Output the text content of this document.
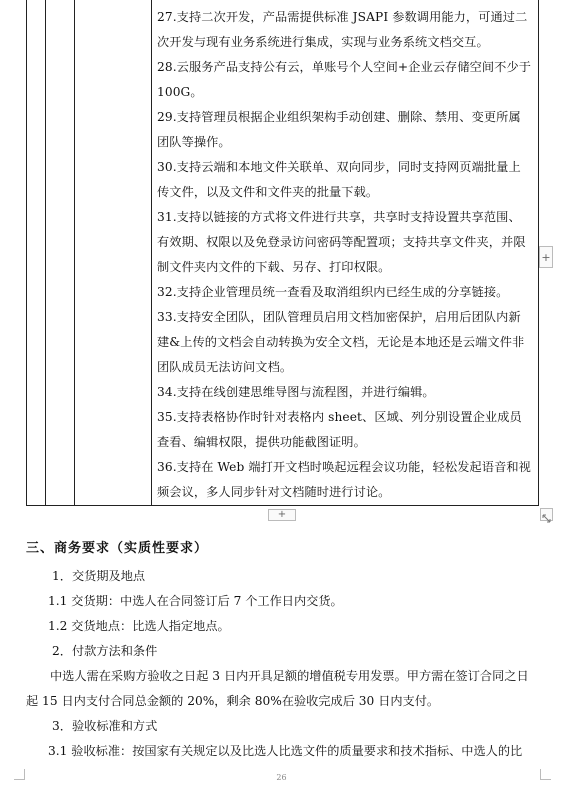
27.支持二次开发，产品需提供标准 JSAPI 参数调用能力，可通过二次开发与现有业务系统进行集成，实现与业务系统文档交互。

28.云服务产品支持公有云，单账号个人空间+企业云存储空间不少于100G。

29.支持管理员根据企业组织架构手动创建、删除、禁用、变更所属团队等操作。

30.支持云端和本地文件关联单、双向同步，同时支持网页端批量上传文件，以及文件和文件夹的批量下载。

31.支持以链接的方式将文件进行共享，共享时支持设置共享范围、有效期、权限以及免登录访问密码等配置项；支持共享文件夹，并限制文件夹内文件的下载、另存、打印权限。

32.支持企业管理员统一查看及取消组织内已经生成的分享链接。

33.支持安全团队，团队管理员启用文档加密保护，启用后团队内新建&上传的文档会自动转换为安全文档，无论是本地还是云端文件非团队成员无法访问文档。

34.支持在线创建思维导图与流程图，并进行编辑。

35.支持表格协作时针对表格内 sheet、区域、列分别设置企业成员查看、编辑权限，提供功能截图证明。

36.支持在 Web 端打开文档时唤起远程会议功能，轻松发起语音和视频会议，多人同步针对文档随时进行讨论。

+
+

三、商务要求（实质性要求）

1．交货期及地点

1.1 交货期：中选人在合同签订后 7 个工作日内交货。

1.2 交货地点：比选人指定地点。

2．付款方法和条件

中选人需在采购方验收之日起 3 日内开具足额的增值税专用发票。甲方需在签订合同之日起 15 日内支付合同总金额的 20%，剩余 80%在验收完成后 30 日内支付。

3．验收标准和方式

3.1 验收标准：按国家有关规定以及比选人比选文件的质量要求和技术指标、中选人的比

26
